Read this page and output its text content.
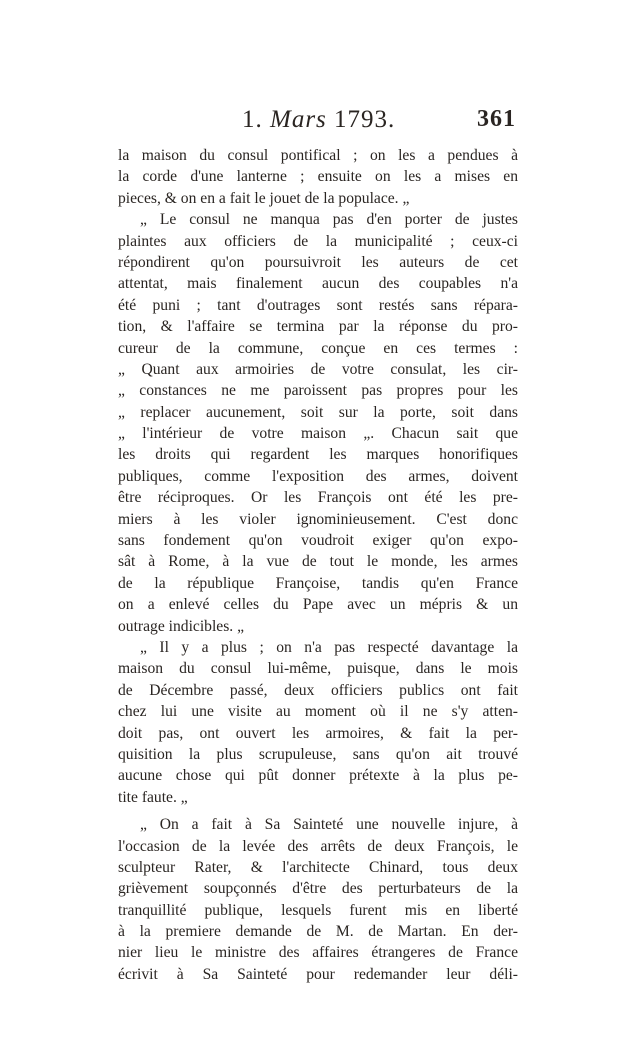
1. Mars 1793.	361
la maison du consul pontifical ; on les a pendues à
la corde d'une lanterne ; ensuite on les a mises en
pieces, & on en a fait le jouet de la populace. „
„ Le consul ne manqua pas d'en porter de justes
plaintes aux officiers de la municipalité ; ceux-ci
répondirent qu'on poursuivroit les auteurs de cet
attentat, mais finalement aucun des coupables n'a
été puni ; tant d'outrages sont restés sans répara-
tion, & l'affaire se termina par la réponse du pro-
cureur de la commune, conçue en ces termes :
„ Quant aux armoiries de votre consulat, les cir-
„ constances ne me paroissent pas propres pour les
„ replacer aucunement, soit sur la porte, soit dans
„ l'intérieur de votre maison „. Chacun sait que
les droits qui regardent les marques honorifiques
publiques, comme l'exposition des armes, doivent
être réciproques. Or les François ont été les pre-
miers à les violer ignominieusement. C'est donc
sans fondement qu'on voudroit exiger qu'on expo-
sât à Rome, à la vue de tout le monde, les armes
de la république Françoise, tandis qu'en France
on a enlevé celles du Pape avec un mépris & un
outrage indicibles. „
„ Il y a plus ; on n'a pas respecté davantage la
maison du consul lui-même, puisque, dans le mois
de Décembre passé, deux officiers publics ont fait
chez lui une visite au moment où il ne s'y atten-
doit pas, ont ouvert les armoires, & fait la per-
quisition la plus scrupuleuse, sans qu'on ait trouvé
aucune chose qui pût donner prétexte à la plus pe-
tite faute. „
„ On a fait à Sa Sainteté une nouvelle injure, à
l'occasion de la levée des arrêts de deux François, le
sculpteur Rater, & l'architecte Chinard, tous deux
grièvement soupçonnés d'être des perturbateurs de la
tranquillité publique, lesquels furent mis en liberté
à la premiere demande de M. de Martan. En der-
nier lieu le ministre des affaires étrangeres de France
écrivit à Sa Sainteté pour redemander leur déli-
